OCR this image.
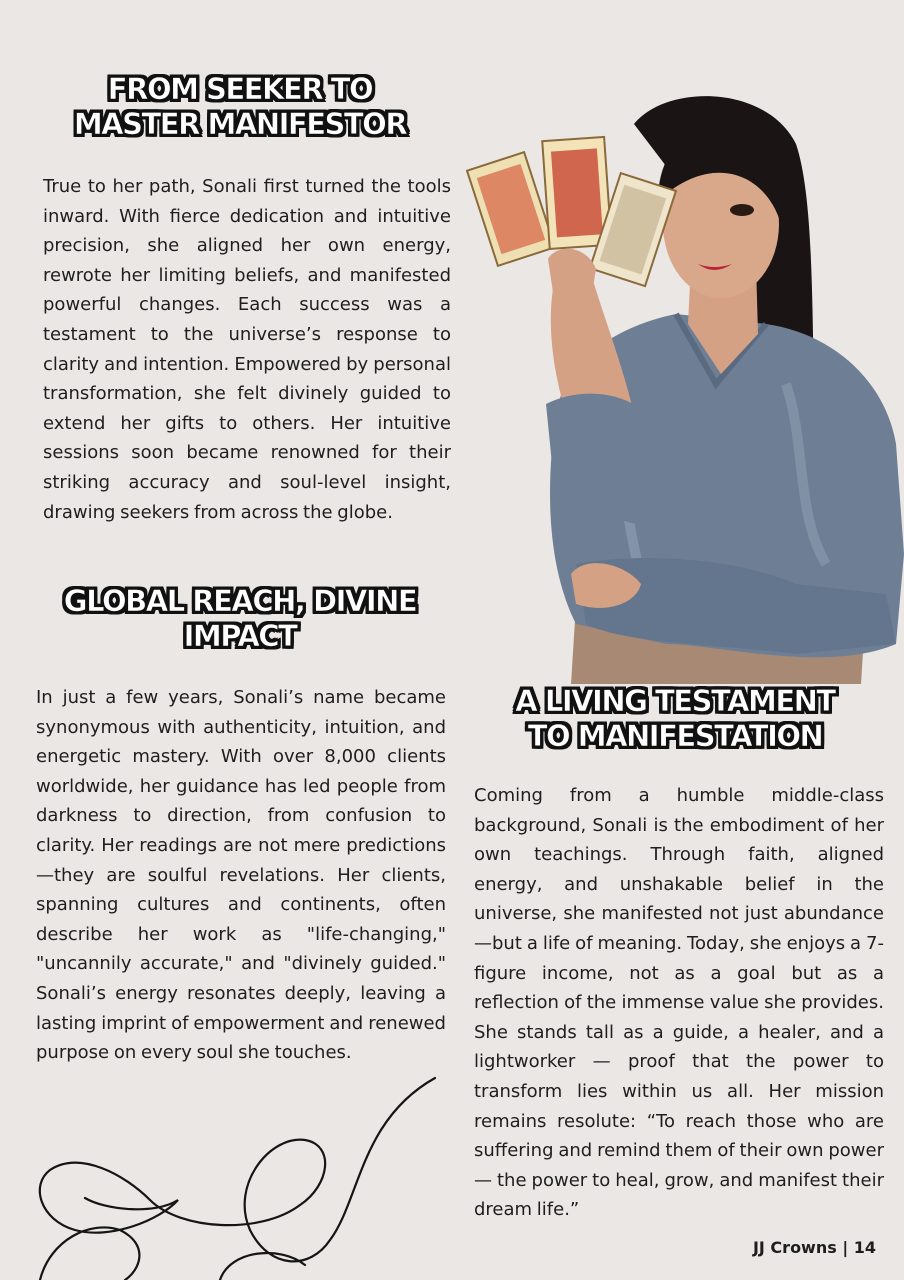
FROM SEEKER TO
MASTER MANIFESTOR

True to her path, Sonali first turned the tools inward. With fierce dedication and intuitive precision, she aligned her own energy, rewrote her limiting beliefs, and manifested powerful changes. Each success was a testament to the universe’s response to clarity and intention. Empowered by personal transformation, she felt divinely guided to extend her gifts to others. Her intuitive sessions soon became renowned for their striking accuracy and soul-level insight, drawing seekers from across the globe.

GLOBAL REACH, DIVINE
IMPACT

In just a few years, Sonali’s name became synonymous with authenticity, intuition, and energetic mastery. With over 8,000 clients worldwide, her guidance has led people from darkness to direction, from confusion to clarity. Her readings are not mere predictions—they are soulful revelations. Her clients, spanning cultures and continents, often describe her work as "life-changing," "uncannily accurate," and "divinely guided." Sonali’s energy resonates deeply, leaving a lasting imprint of empowerment and renewed purpose on every soul she touches.

A LIVING TESTAMENT
TO MANIFESTATION

Coming from a humble middle-class background, Sonali is the embodiment of her own teachings. Through faith, aligned energy, and unshakable belief in the universe, she manifested not just abundance—but a life of meaning. Today, she enjoys a 7-figure income, not as a goal but as a reflection of the immense value she provides. She stands tall as a guide, a healer, and a lightworker — proof that the power to transform lies within us all. Her mission remains resolute: “To reach those who are suffering and remind them of their own power — the power to heal, grow, and manifest their dream life.”

JJ Crowns | 14
